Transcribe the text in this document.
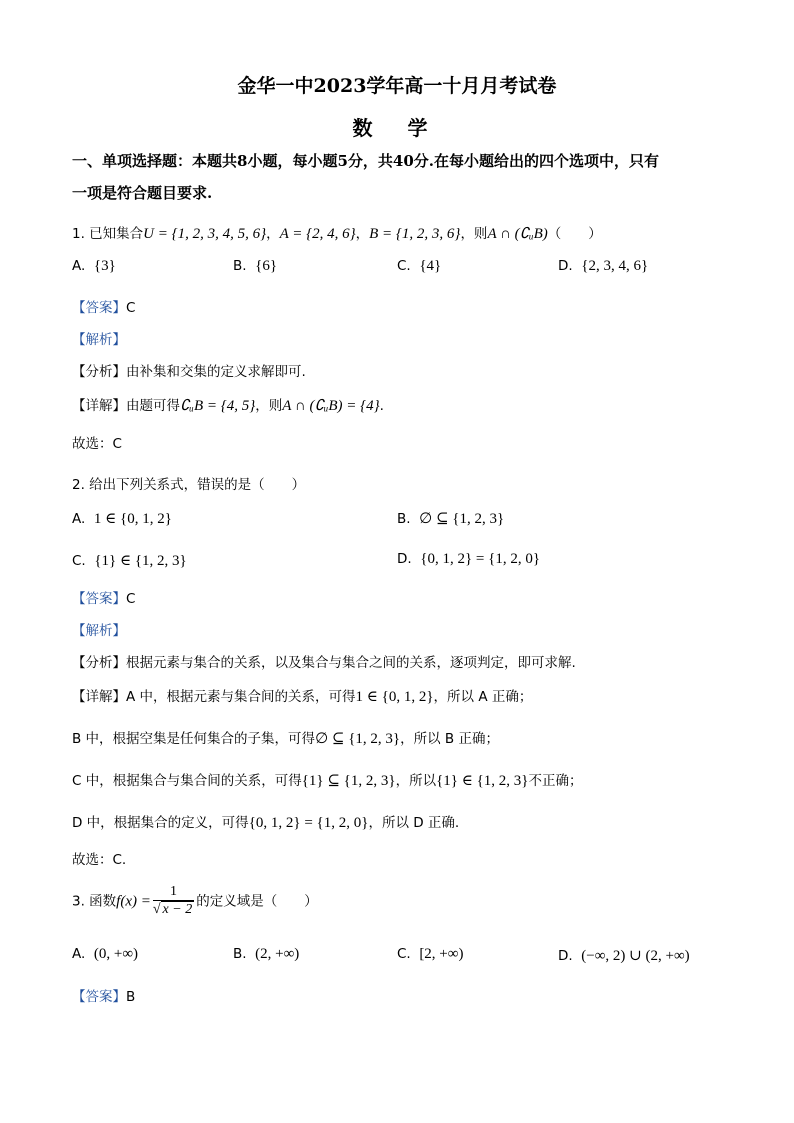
金华一中2023学年高一十月月考试卷
数 学
一、单项选择题：本题共8小题，每小题5分，共40分.在每小题给出的四个选项中，只有
一项是符合题目要求.
1. 已知集合U = {1, 2, 3, 4, 5, 6}，A = {2, 4, 6}，B = {1, 2, 3, 6}，则A ∩ (∁ᵤB)（　　）
A. {3}	B. {6}	C. {4}	D. {2, 3, 4, 6}
【答案】C
【解析】
【分析】由补集和交集的定义求解即可.
【详解】由题可得∁ᵤB = {4, 5}，则A ∩ (∁ᵤB) = {4}.
故选：C
2. 给出下列关系式，错误的是（　　）
A. 1 ∈ {0, 1, 2}	B. ∅ ⊆ {1, 2, 3}
C. {1} ∈ {1, 2, 3}	D. {0, 1, 2} = {1, 2, 0}
【答案】C
【解析】
【分析】根据元素与集合的关系，以及集合与集合之间的关系，逐项判定，即可求解.
【详解】A 中，根据元素与集合间的关系，可得1 ∈ {0, 1, 2}，所以 A 正确；
B 中，根据空集是任何集合的子集，可得∅ ⊆ {1, 2, 3}，所以 B 正确；
C 中，根据集合与集合间的关系，可得{1} ⊆ {1, 2, 3}，所以{1} ∈ {1, 2, 3}不正确；
D 中，根据集合的定义，可得{0, 1, 2} = {1, 2, 0}，所以 D 正确.
故选：C.
3. 函数$f(x) = \frac{1}{√ x - 2}$ 的定义域是（　　）
A. (0, +∞)	B. (2, +∞)	C. [2, +∞)	D. (−∞, 2) ∪ (2, +∞)
【答案】B
